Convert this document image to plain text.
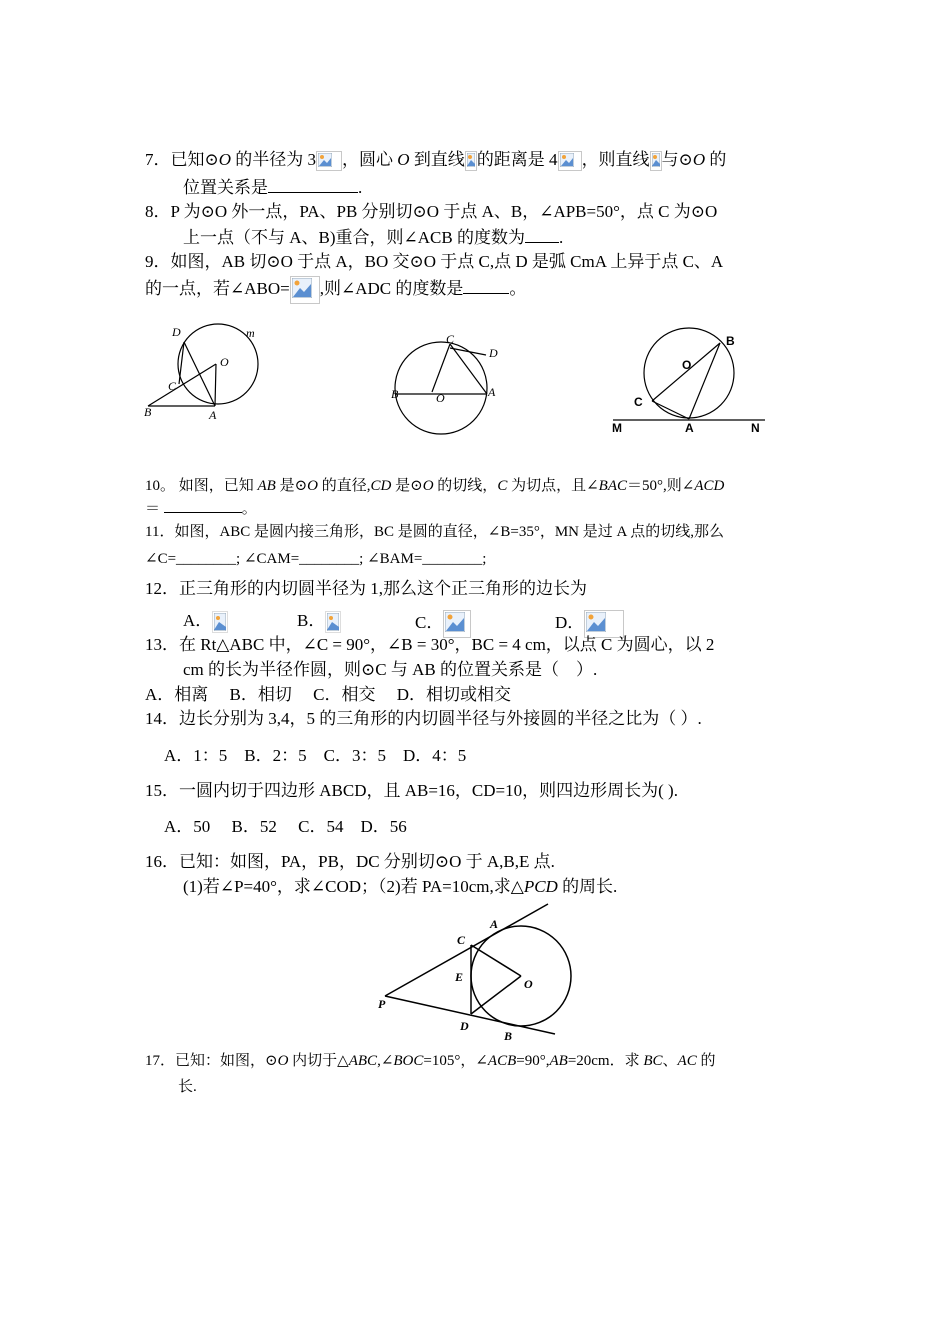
7．已知⊙O 的半径为 3 ，圆心 O 到直线 的距离是 4 ，则直线 与⊙O 的
位置关系是	.
8．P 为⊙O 外一点，PA、PB 分别切⊙O 于点 A、B，∠APB=50°，点 C 为⊙O
上一点（不与 A、B)重合，则∠ACB 的度数为 .
9．如图，AB 切⊙O 于点 A，BO 交⊙O 于点 C,点 D 是弧 CmA 上异于点 C、A
的一点，若∠ABO= ,则∠ADC 的度数是	。
D	m
O
C
B	A
C
D
B	O	A
B
O
C
M	A	N
10。 如图，已知 AB 是⊙O 的直径,CD 是⊙O 的切线，C 为切点，且∠BAC＝50°,则∠ACD
＝	。
11．如图，ABC 是圆内接三角形，BC 是圆的直径，∠B=35°，MN 是过 A 点的切线,那么
∠C=________; ∠CAM=________; ∠BAM=________;
12．正三角形的内切圆半径为 1,那么这个正三角形的边长为
A．	B．	C．	D．
13．在 Rt△ABC 中，∠C = 90°，∠B = 30°，BC = 4 cm，以点 C 为圆心，以 2
cm 的长为半径作圆，则⊙C 与 AB 的位置关系是（　）.
A．相离　 B．相切　 C．相交　 D．相切或相交
14．边长分别为 3,4，5 的三角形的内切圆半径与外接圆的半径之比为（ ）.
A．1：5　B．2：5　C．3：5　D．4：5
15．一圆内切于四边形 ABCD，且 AB=16，CD=10，则四边形周长为( ).
A．50　 B．52　 C．54　D．56
16．已知：如图，PA，PB，DC 分别切⊙O 于 A,B,E 点.
(1)若∠P=40°，求∠COD；（2)若 PA=10cm,求△PCD 的周长.
A
C
E	O
P
D
B
17．已知：如图，⊙O 内切于△ABC,∠BOC=105°，∠ACB=90°,AB=20cm．求 BC、AC 的
长.
